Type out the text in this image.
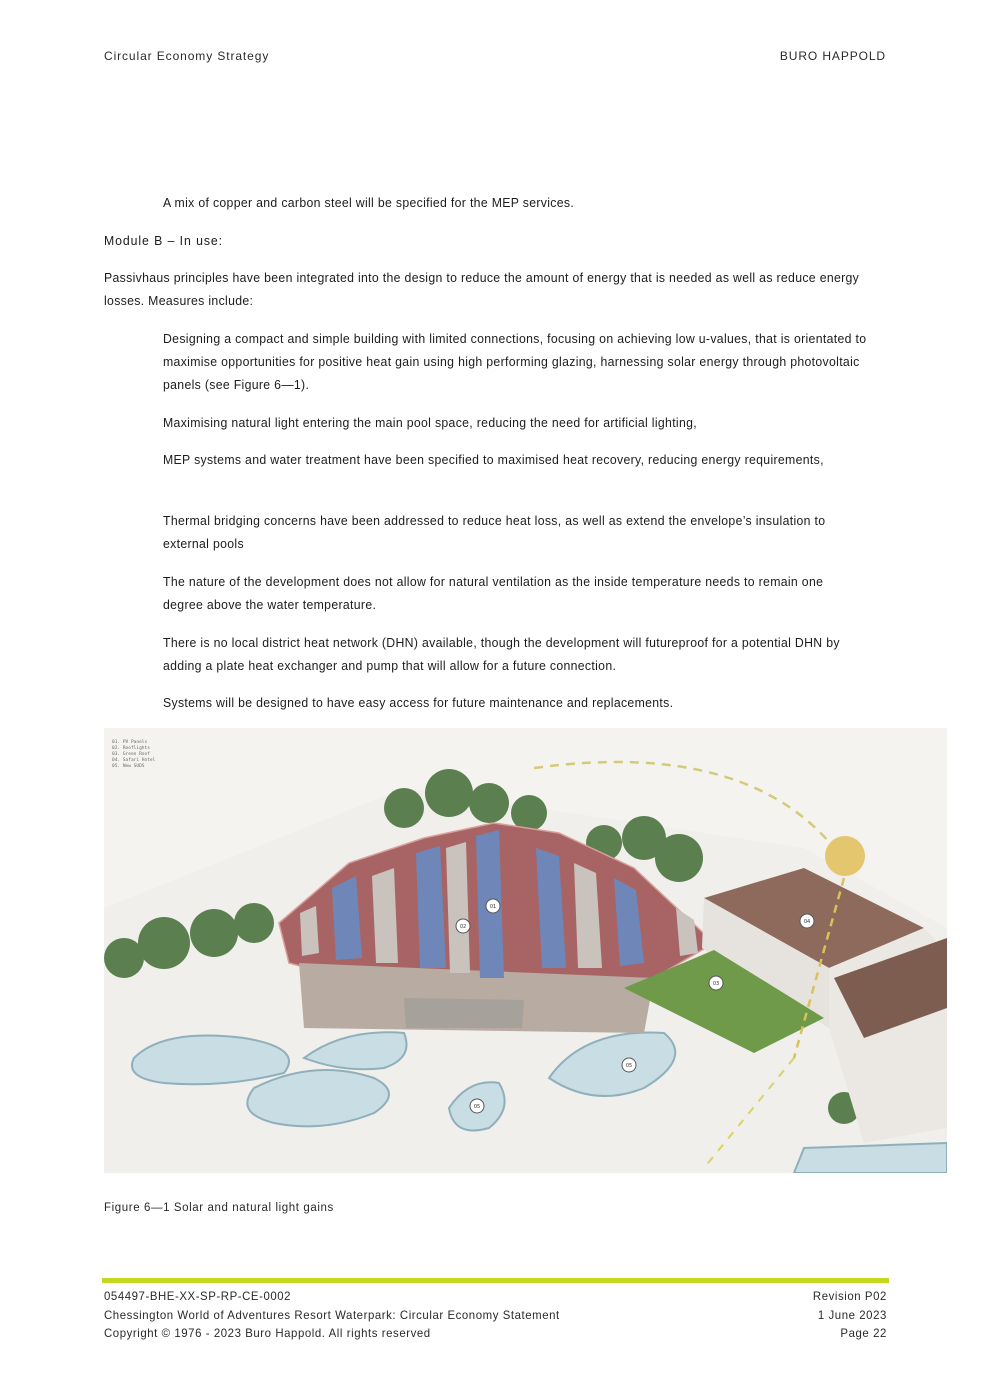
Circular Economy Strategy	BURO HAPPOLD
A mix of copper and carbon steel will be specified for the MEP services.
Module B – In use:
Passivhaus principles have been integrated into the design to reduce the amount of energy that is needed as well as reduce energy losses. Measures include:
Designing a compact and simple building with limited connections, focusing on achieving low u-values, that is orientated to maximise opportunities for positive heat gain using high performing glazing, harnessing solar energy through photovoltaic panels (see Figure 6—1).
Maximising natural light entering the main pool space, reducing the need for artificial lighting,
MEP systems and water treatment have been specified to maximised heat recovery, reducing energy requirements,
Thermal bridging concerns have been addressed to reduce heat loss, as well as extend the envelope’s insulation to external pools
The nature of the development does not allow for natural ventilation as the inside temperature needs to remain one degree above the water temperature.
There is no local district heat network (DHN) available, though the development will futureproof for a potential DHN by adding a plate heat exchanger and pump that will allow for a future connection.
Systems will be designed to have easy access for future maintenance and replacements.
01
02
03
04
05
05
01. PV Panels
02. Rooflights
03. Green Roof
04. Safari Hotel
05. New SUDS
Figure 6—1 Solar and natural light gains
054497-BHE-XX-SP-RP-CE-0002
Chessington World of Adventures Resort Waterpark: Circular Economy Statement
Copyright © 1976 - 2023 Buro Happold. All rights reserved
Revision P02
1 June 2023
Page 22
